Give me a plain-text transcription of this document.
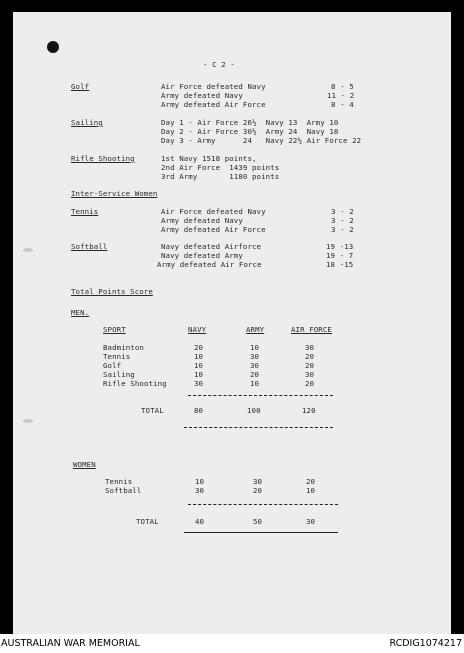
- C 2 -
Golf	Air Force defeated Navy	8 - 5
Army defeated Navy	11 - 2
Army defeated Air Force	8 - 4
Sailing	Day 1 - Air Force 26½  Navy 13  Army 10
Day 2 - Air Force 30½  Army 24  Navy 18
Day 3 - Army      24   Navy 22½ Air Force 22
Rifle Shooting	1st Navy 1518 points,
2nd Air Force  1439 points
3rd Army       1180 points
Inter-Service Women
Tennis	Air Force defeated Navy	3 - 2
Army defeated Navy	3 - 2
Army defeated Air Force	3 - 2
Softball	Navy defeated Airforce	19 -13
Navy defeated Army	19 - 7
Army defeated Air Force	18 -15
Total Points Score
MEN.
SPORT	NAVY	ARMY	AIR FORCE
Badminton	20	10	30
Tennis	10	30	20
Golf	10	30	20
Sailing	10	20	30
Rifle Shooting	30	10	20
TOTAL	80	100	120
WOMEN
Tennis	10	30	20
Softball	30	20	10
TOTAL	40	50	30
AUSTRALIAN WAR MEMORIAL	RCDIG1074217
